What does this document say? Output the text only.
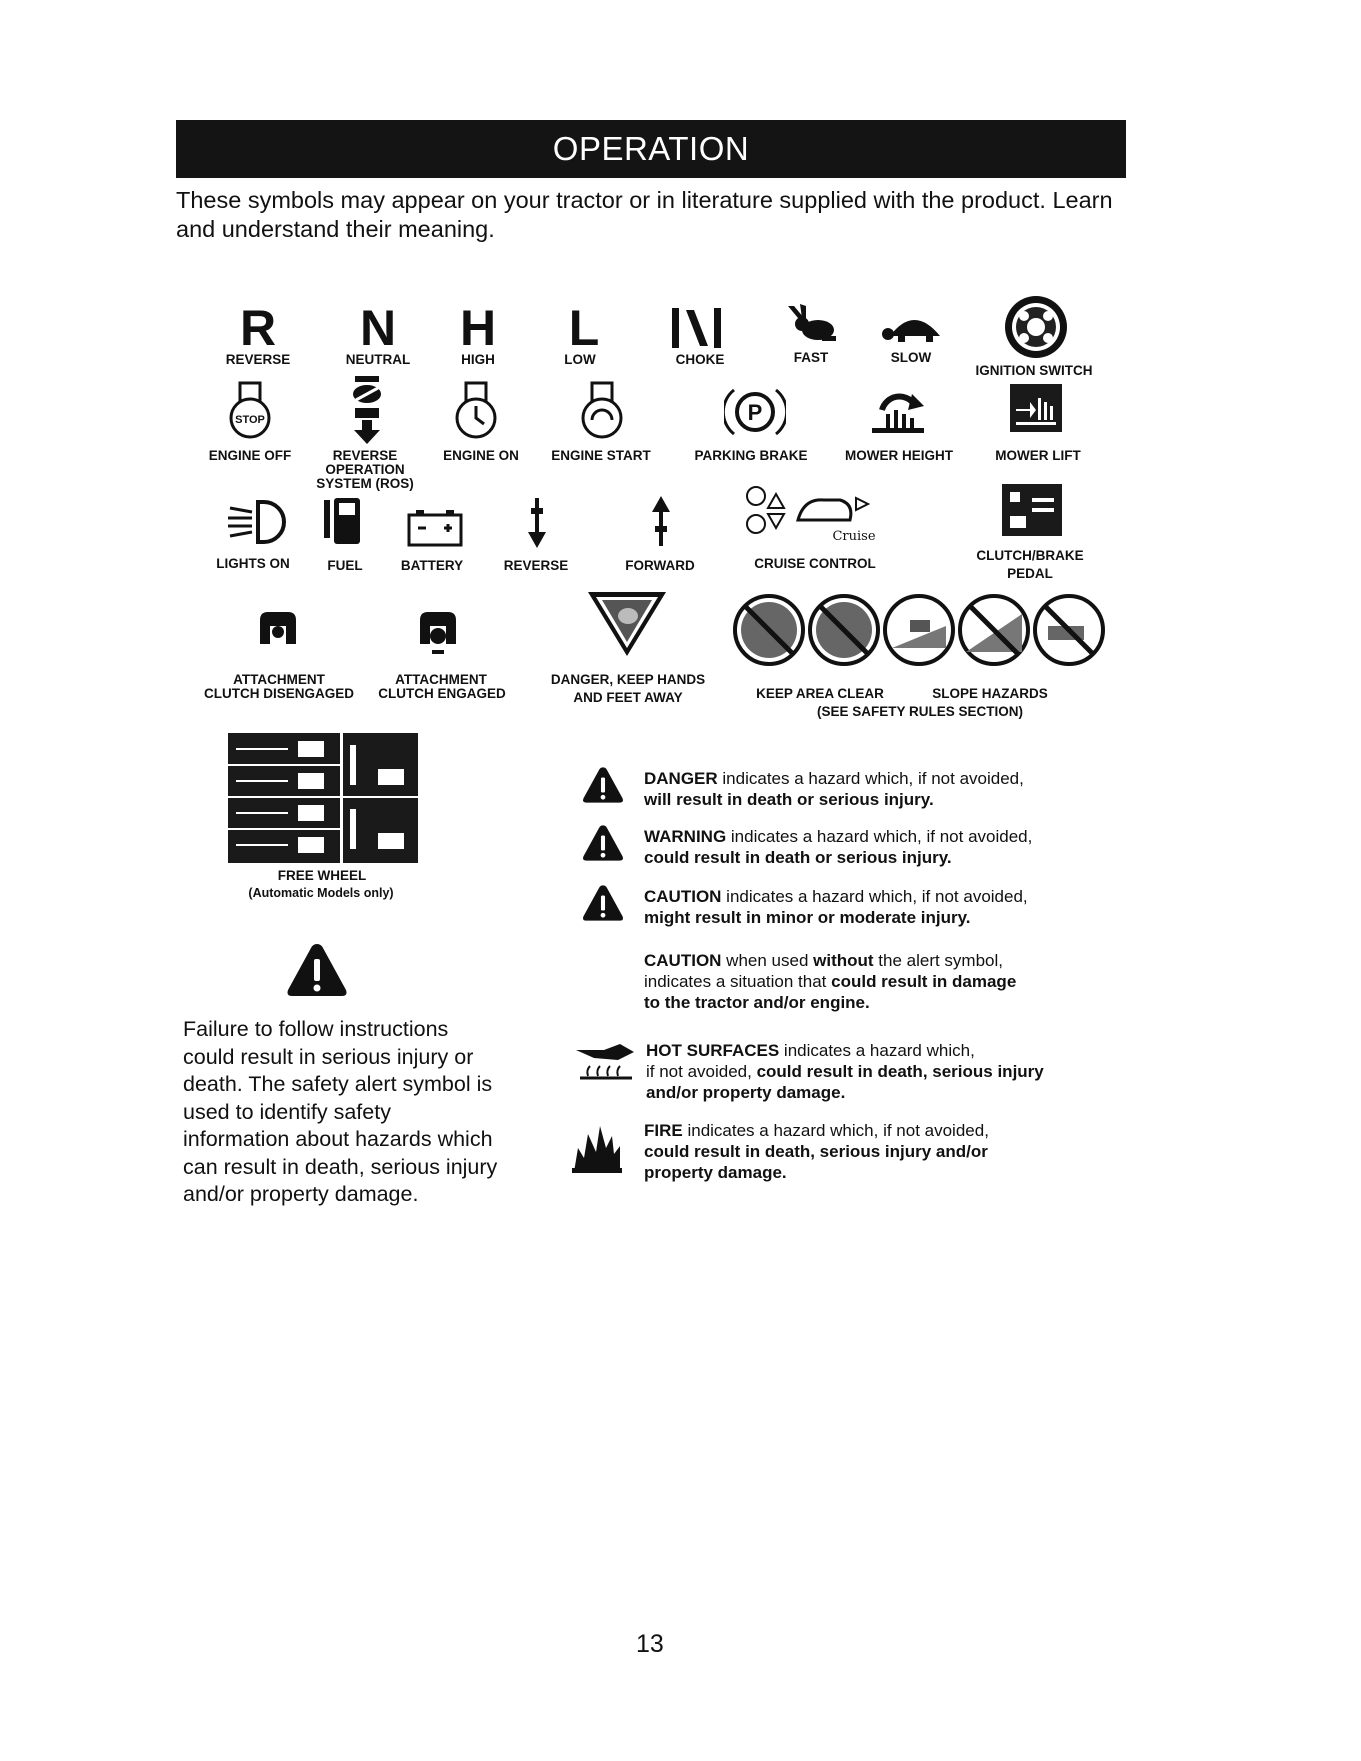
OPERATION
These symbols may appear on your tractor or in literature supplied with the product. Learn and understand their meaning.
R
REVERSE
N
NEUTRAL
H
HIGH
L
LOW	CHOKE	FAST	SLOW
IGNITION SWITCH
STOP
ENGINE OFF	REVERSE
OPERATION
SYSTEM (ROS)
ENGINE ON	ENGINE START
P
PARKING BRAKE	MOWER HEIGHT	MOWER LIFT
LIGHTS ON	FUEL	BATTERY	REVERSE	FORWARD
Cruise
CRUISE CONTROL
CLUTCH/BRAKE
PEDAL
ATTACHMENT
CLUTCH DISENGAGED
ATTACHMENT
CLUTCH ENGAGED
DANGER, KEEP HANDS
AND FEET AWAY	KEEP AREA CLEAR	SLOPE HAZARDS
(SEE SAFETY RULES SECTION)
FREE WHEEL
(Automatic Models only)
Failure to follow instructions could result in serious injury or death. The safety alert symbol is used to identify safety information about hazards which can result in death, serious injury and/or property damage.
DANGER indicates a hazard which, if not avoided,
will result in death or serious injury.
WARNING indicates a hazard which, if not avoided,
could result in death or serious injury.
CAUTION indicates a hazard which, if not avoided,
might result in minor or moderate injury.
CAUTION when used without the alert symbol,
indicates a situation that could result in damage
to the tractor and/or engine.
HOT SURFACES indicates a hazard which,
if not avoided, could result in death, serious injury
and/or property damage.
FIRE indicates a hazard which, if not avoided,
could result in death, serious injury and/or
property damage.
13
